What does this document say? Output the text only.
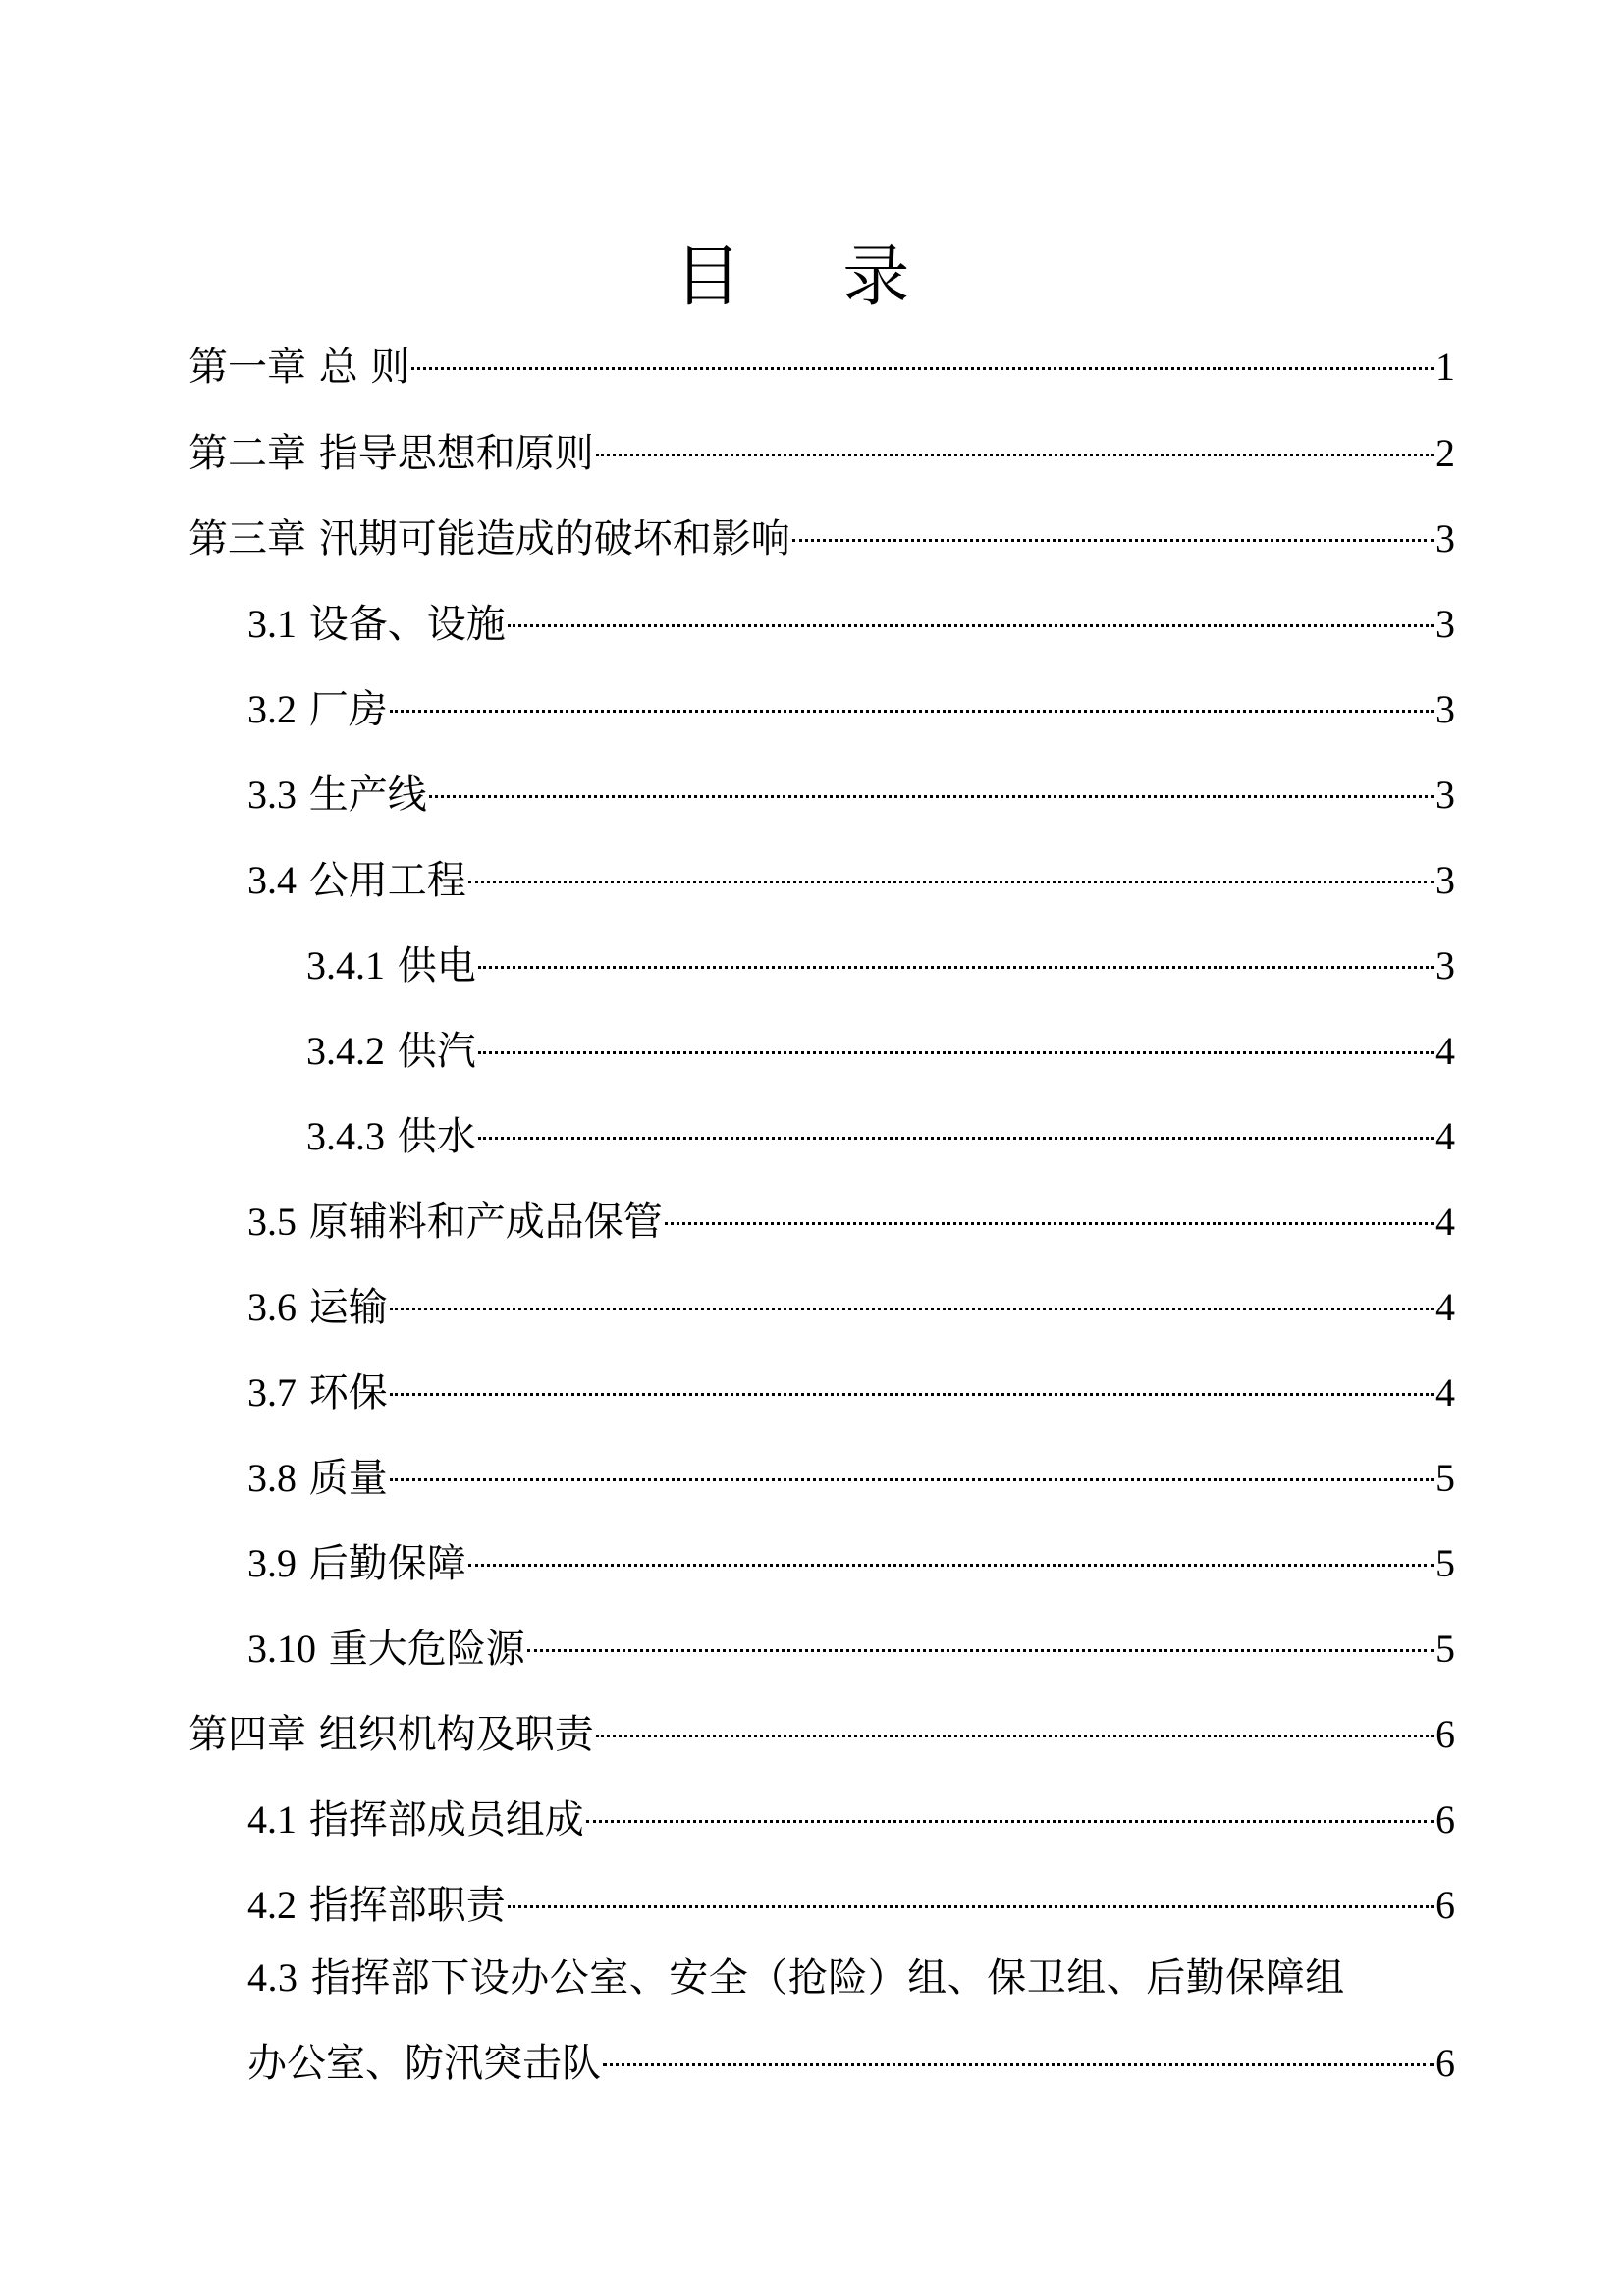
目 录
第一章 总 则	1
第二章 指导思想和原则	2
第三章 汛期可能造成的破坏和影响	3
3.1 设备、设施	3
3.2 厂房	3
3.3 生产线	3
3.4 公用工程	3
3.4.1 供电	3
3.4.2 供汽	4
3.4.3 供水	4
3.5 原辅料和产成品保管	4
3.6 运输	4
3.7 环保	4
3.8 质量	5
3.9 后勤保障	5
3.10 重大危险源	5
第四章 组织机构及职责	6
4.1 指挥部成员组成	6
4.2 指挥部职责	6
4.3 指挥部下设办公室、安全（抢险）组、保卫组、后勤保障组
办公室、防汛突击队	6
